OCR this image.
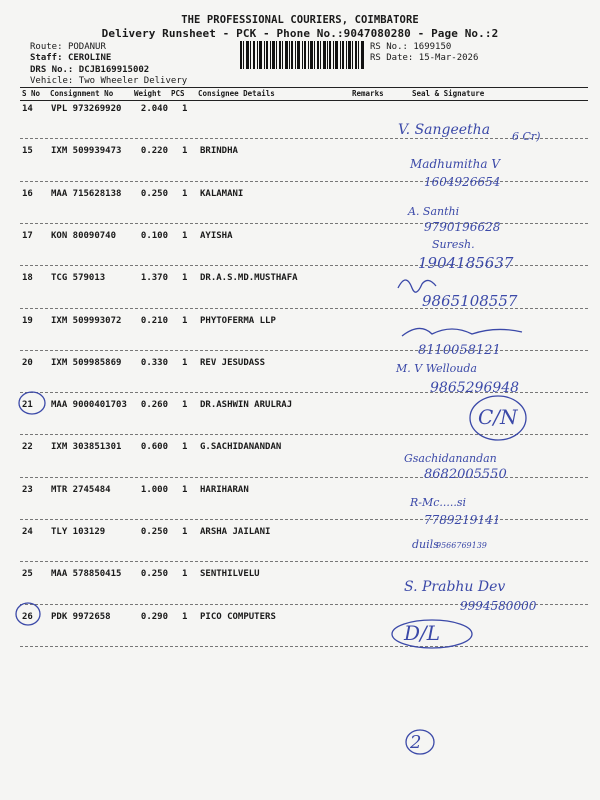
THE PROFESSIONAL COURIERS, COIMBATORE
Delivery Runsheet - PCK - Phone No.:9047080280 - Page No.:2
Route: PODANUR
Staff: CEROLINE
DRS No.: DCJB169915002
Vehicle: Two Wheeler Delivery
RS No.: 1699150
RS Date: 15-Mar-2026
S No Consignment No	Weight PCS Consignee Details	Remarks	Seal & Signature
14 VPL 973269920	2.040 1
15 IXM 509939473	0.220 1 BRINDHA
16 MAA 715628138	0.250 1 KALAMANI
17 KON 80090740	0.100 1 AYISHA
18 TCG 579013	1.370 1 DR.A.S.MD.MUSTHAFA
19 IXM 509993072	0.210 1 PHYTOFERMA LLP
20 IXM 509985869	0.330 1 REV JESUDASS
21 MAA 9000401703	0.260 1 DR.ASHWIN ARULRAJ
22 IXM 303851301	0.600 1 G.SACHIDANANDAN
23 MTR 2745484	1.000 1 HARIHARAN
24 TLY 103129	0.250 1 ARSHA JAILANI
25 MAA 578850415	0.250 1 SENTHILVELU
26 PDK 9972658	0.290 1 PICO COMPUTERS
V. Sangeetha 6 Cr)
Madhumitha V
1604926654
A. Santhi
9790196628
Suresh.
1904185637
9865108557
8110058121
M. V Wellouda
9865296948
C/N
Gsachidanandan
8682005550
R-Mc.....si
7789219141
duils
9566769139
S. Prabhu Dev
9994580000
D/L
2
